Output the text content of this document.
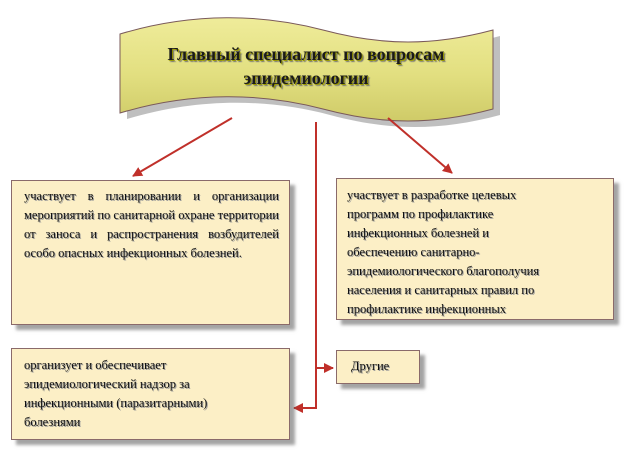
Главный специалист по вопросам
эпидемиологии
участвует в планировании и организации мероприятий по санитарной охране территории от заноса и распространения возбудителей особо опасных инфекционных болезней.
участвует в разработке целевых
программ по профилактике
инфекционных болезней и
обеспечению санитарно-
эпидемиологического благополучия
населения и санитарных правил по
профилактике инфекционных
организует и обеспечивает
эпидемиологический надзор за
инфекционными (паразитарными)
болезнями
Другие
